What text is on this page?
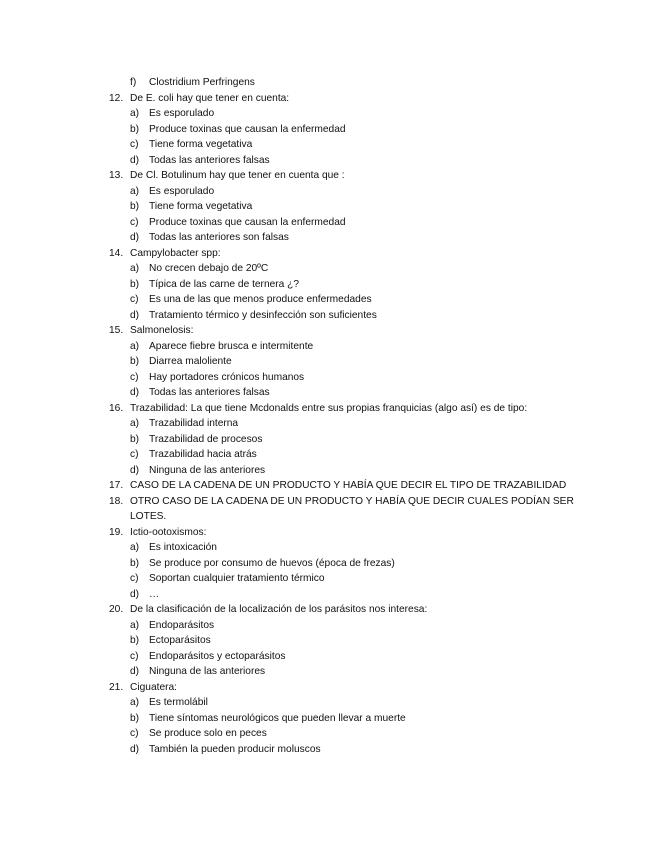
f)	Clostridium Perfringens
12. De E. coli hay que tener en cuenta:
a) Es esporulado
b) Produce toxinas que causan la enfermedad
c)	Tiene forma vegetativa
d) Todas las anteriores falsas
13. De Cl. Botulinum hay que tener en cuenta que :
a) Es esporulado
b) Tiene forma vegetativa
c)	Produce toxinas que causan la enfermedad
d) Todas las anteriores son falsas
14. Campylobacter spp:
a) No crecen debajo de 20ºC
b) Típica de las carne de ternera ¿?
c)	Es una de las que menos produce enfermedades
d) Tratamiento térmico y desinfección son suficientes
15. Salmonelosis:
a) Aparece fiebre brusca e intermitente
b) Diarrea maloliente
c)	Hay portadores crónicos humanos
d) Todas las anteriores falsas
16. Trazabilidad: La que tiene Mcdonalds entre sus propias franquicias (algo así) es de tipo:
a) Trazabilidad interna
b) Trazabilidad de procesos
c)	Trazabilidad hacia atrás
d) Ninguna de las anteriores
17. CASO DE LA CADENA DE UN PRODUCTO Y HABÍA QUE DECIR EL TIPO DE TRAZABILIDAD
18. OTRO CASO DE LA CADENA DE UN PRODUCTO Y HABÍA QUE DECIR CUALES PODÍAN SER
LOTES.
19. Ictio-ootoxismos:
a) Es intoxicación
b) Se produce por consumo de huevos (época de frezas)
c)	Soportan cualquier tratamiento térmico
d) …
20. De la clasificación de la localización de los parásitos nos interesa:
a) Endoparásitos
b) Ectoparásitos
c)	Endoparásitos y ectoparásitos
d) Ninguna de las anteriores
21. Ciguatera:
a) Es termolábil
b) Tiene síntomas neurológicos que pueden llevar a muerte
c)	Se produce solo en peces
d) También la pueden producir moluscos
